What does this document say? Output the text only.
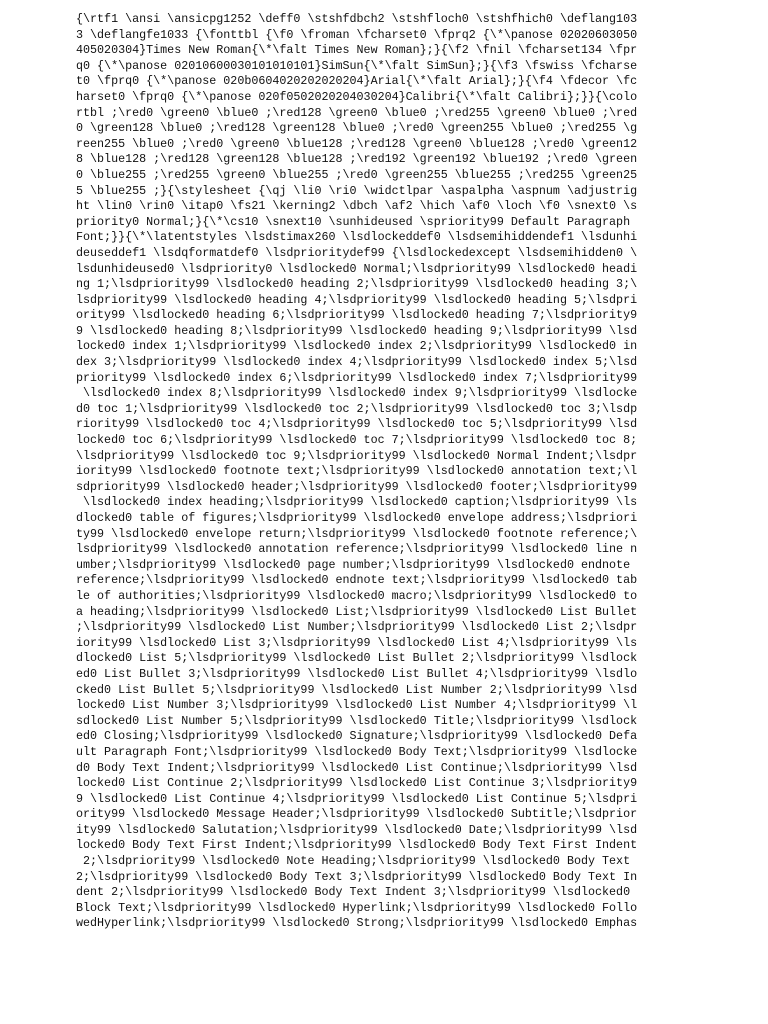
{\rtf1 \ansi \ansicpg1252 \deff0 \stshfdbch2 \stshfloch0 \stshfhich0 \deflang103
3 \deflangfe1033 {\fonttbl {\f0 \froman \fcharset0 \fprq2 {\*\panose 02020603050
405020304}Times New Roman{\*\falt Times New Roman};}{\f2 \fnil \fcharset134 \fpr
q0 {\*\panose 02010600030101010101}SimSun{\*\falt SimSun};}{\f3 \fswiss \fcharse
t0 \fprq0 {\*\panose 020b0604020202020204}Arial{\*\falt Arial};}{\f4 \fdecor \fc
harset0 \fprq0 {\*\panose 020f0502020204030204}Calibri{\*\falt Calibri};}}{\colo
rtbl ;\red0 \green0 \blue0 ;\red128 \green0 \blue0 ;\red255 \green0 \blue0 ;\red
0 \green128 \blue0 ;\red128 \green128 \blue0 ;\red0 \green255 \blue0 ;\red255 \g
reen255 \blue0 ;\red0 \green0 \blue128 ;\red128 \green0 \blue128 ;\red0 \green12
8 \blue128 ;\red128 \green128 \blue128 ;\red192 \green192 \blue192 ;\red0 \green
0 \blue255 ;\red255 \green0 \blue255 ;\red0 \green255 \blue255 ;\red255 \green25
5 \blue255 ;}{\stylesheet {\qj \li0 \ri0 \widctlpar \aspalpha \aspnum \adjustrig
ht \lin0 \rin0 \itap0 \fs21 \kerning2 \dbch \af2 \hich \af0 \loch \f0 \snext0 \s
priority0 Normal;}{\*\cs10 \snext10 \sunhideused \spriority99 Default Paragraph
Font;}}{\*\latentstyles \lsdstimax260 \lsdlockeddef0 \lsdsemihiddendef1 \lsdunhi
deuseddef1 \lsdqformatdef0 \lsdprioritydef99 {\lsdlockedexcept \lsdsemihidden0 \
lsdunhideused0 \lsdpriority0 \lsdlocked0 Normal;\lsdpriority99 \lsdlocked0 headi
ng 1;\lsdpriority99 \lsdlocked0 heading 2;\lsdpriority99 \lsdlocked0 heading 3;\
lsdpriority99 \lsdlocked0 heading 4;\lsdpriority99 \lsdlocked0 heading 5;\lsdpri
ority99 \lsdlocked0 heading 6;\lsdpriority99 \lsdlocked0 heading 7;\lsdpriority9
9 \lsdlocked0 heading 8;\lsdpriority99 \lsdlocked0 heading 9;\lsdpriority99 \lsd
locked0 index 1;\lsdpriority99 \lsdlocked0 index 2;\lsdpriority99 \lsdlocked0 in
dex 3;\lsdpriority99 \lsdlocked0 index 4;\lsdpriority99 \lsdlocked0 index 5;\lsd
priority99 \lsdlocked0 index 6;\lsdpriority99 \lsdlocked0 index 7;\lsdpriority99
\lsdlocked0 index 8;\lsdpriority99 \lsdlocked0 index 9;\lsdpriority99 \lsdlocke
d0 toc 1;\lsdpriority99 \lsdlocked0 toc 2;\lsdpriority99 \lsdlocked0 toc 3;\lsdp
riority99 \lsdlocked0 toc 4;\lsdpriority99 \lsdlocked0 toc 5;\lsdpriority99 \lsd
locked0 toc 6;\lsdpriority99 \lsdlocked0 toc 7;\lsdpriority99 \lsdlocked0 toc 8;
\lsdpriority99 \lsdlocked0 toc 9;\lsdpriority99 \lsdlocked0 Normal Indent;\lsdpr
iority99 \lsdlocked0 footnote text;\lsdpriority99 \lsdlocked0 annotation text;\l
sdpriority99 \lsdlocked0 header;\lsdpriority99 \lsdlocked0 footer;\lsdpriority99
\lsdlocked0 index heading;\lsdpriority99 \lsdlocked0 caption;\lsdpriority99 \ls
dlocked0 table of figures;\lsdpriority99 \lsdlocked0 envelope address;\lsdpriori
ty99 \lsdlocked0 envelope return;\lsdpriority99 \lsdlocked0 footnote reference;\
lsdpriority99 \lsdlocked0 annotation reference;\lsdpriority99 \lsdlocked0 line n
umber;\lsdpriority99 \lsdlocked0 page number;\lsdpriority99 \lsdlocked0 endnote
reference;\lsdpriority99 \lsdlocked0 endnote text;\lsdpriority99 \lsdlocked0 tab
le of authorities;\lsdpriority99 \lsdlocked0 macro;\lsdpriority99 \lsdlocked0 to
a heading;\lsdpriority99 \lsdlocked0 List;\lsdpriority99 \lsdlocked0 List Bullet
;\lsdpriority99 \lsdlocked0 List Number;\lsdpriority99 \lsdlocked0 List 2;\lsdpr
iority99 \lsdlocked0 List 3;\lsdpriority99 \lsdlocked0 List 4;\lsdpriority99 \ls
dlocked0 List 5;\lsdpriority99 \lsdlocked0 List Bullet 2;\lsdpriority99 \lsdlock
ed0 List Bullet 3;\lsdpriority99 \lsdlocked0 List Bullet 4;\lsdpriority99 \lsdlo
cked0 List Bullet 5;\lsdpriority99 \lsdlocked0 List Number 2;\lsdpriority99 \lsd
locked0 List Number 3;\lsdpriority99 \lsdlocked0 List Number 4;\lsdpriority99 \l
sdlocked0 List Number 5;\lsdpriority99 \lsdlocked0 Title;\lsdpriority99 \lsdlock
ed0 Closing;\lsdpriority99 \lsdlocked0 Signature;\lsdpriority99 \lsdlocked0 Defa
ult Paragraph Font;\lsdpriority99 \lsdlocked0 Body Text;\lsdpriority99 \lsdlocke
d0 Body Text Indent;\lsdpriority99 \lsdlocked0 List Continue;\lsdpriority99 \lsd
locked0 List Continue 2;\lsdpriority99 \lsdlocked0 List Continue 3;\lsdpriority9
9 \lsdlocked0 List Continue 4;\lsdpriority99 \lsdlocked0 List Continue 5;\lsdpri
ority99 \lsdlocked0 Message Header;\lsdpriority99 \lsdlocked0 Subtitle;\lsdprior
ity99 \lsdlocked0 Salutation;\lsdpriority99 \lsdlocked0 Date;\lsdpriority99 \lsd
locked0 Body Text First Indent;\lsdpriority99 \lsdlocked0 Body Text First Indent
2;\lsdpriority99 \lsdlocked0 Note Heading;\lsdpriority99 \lsdlocked0 Body Text
2;\lsdpriority99 \lsdlocked0 Body Text 3;\lsdpriority99 \lsdlocked0 Body Text In
dent 2;\lsdpriority99 \lsdlocked0 Body Text Indent 3;\lsdpriority99 \lsdlocked0
Block Text;\lsdpriority99 \lsdlocked0 Hyperlink;\lsdpriority99 \lsdlocked0 Follo
wedHyperlink;\lsdpriority99 \lsdlocked0 Strong;\lsdpriority99 \lsdlocked0 Emphas
